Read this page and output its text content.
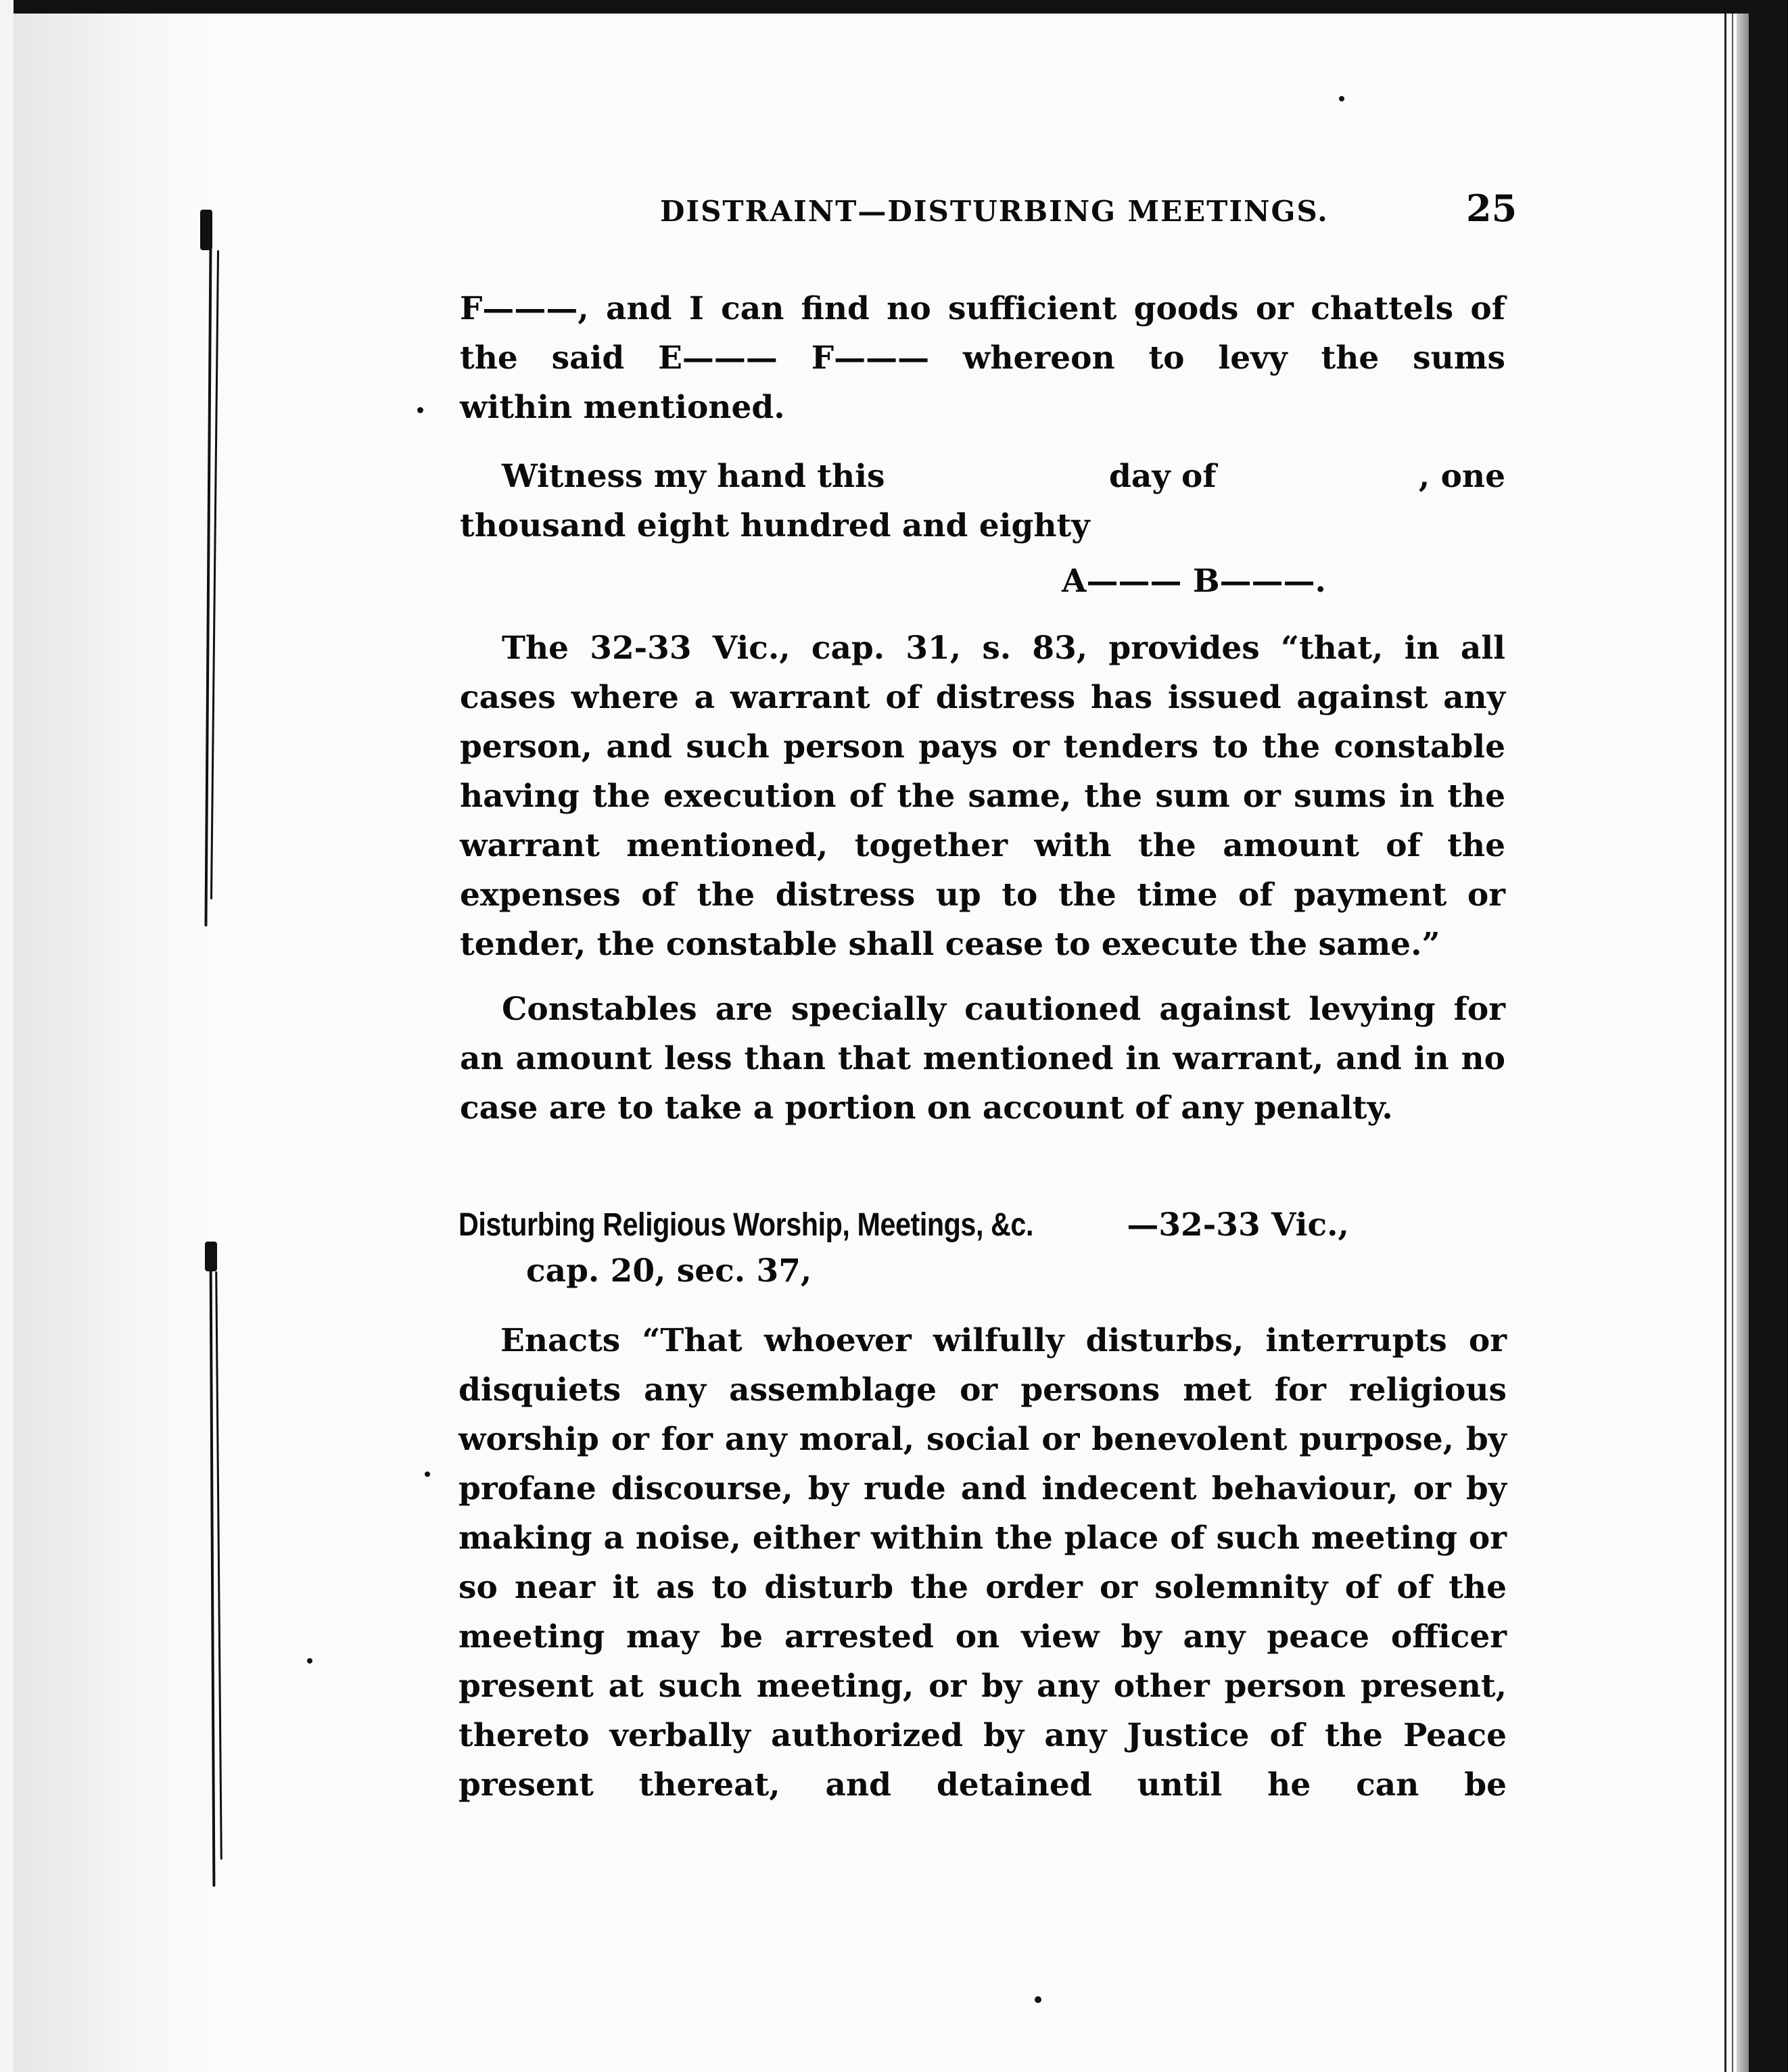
DISTRAINT—DISTURBING MEETINGS.	25

F———, and I can find no sufficient goods or chattels of

the said E——— F——— whereon to levy the sums

within mentioned.

Witness my hand this	day of	, one

thousand eight hundred and eighty

A——— B———.

The 32-33 Vic., cap. 31, s. 83, provides “that, in all cases where a warrant of distress has issued against any person, and such person pays or tenders to the constable having the execution of the same, the sum or sums in the warrant mentioned, together with the amount of the expenses of the distress up to the time of payment or tender, the constable shall cease to execute the same.”

Constables are specially cautioned against levying for an amount less than that mentioned in warrant, and in no case are to take a portion on account of any penalty.

Disturbing Religious Worship, Meetings, &c.	—32-33 Vic.,
cap. 20, sec. 37,

Enacts “That whoever wilfully disturbs, interrupts or disquiets any assemblage or persons met for religious worship or for any moral, social or benevolent purpose, by profane discourse, by rude and indecent behaviour, or by making a noise, either within the place of such meeting or so near it as to disturb the order or solemnity of of the meeting may be arrested on view by any peace officer present at such meeting, or by any other person present, thereto verbally authorized by any Justice of the Peace present thereat, and detained until he can be
